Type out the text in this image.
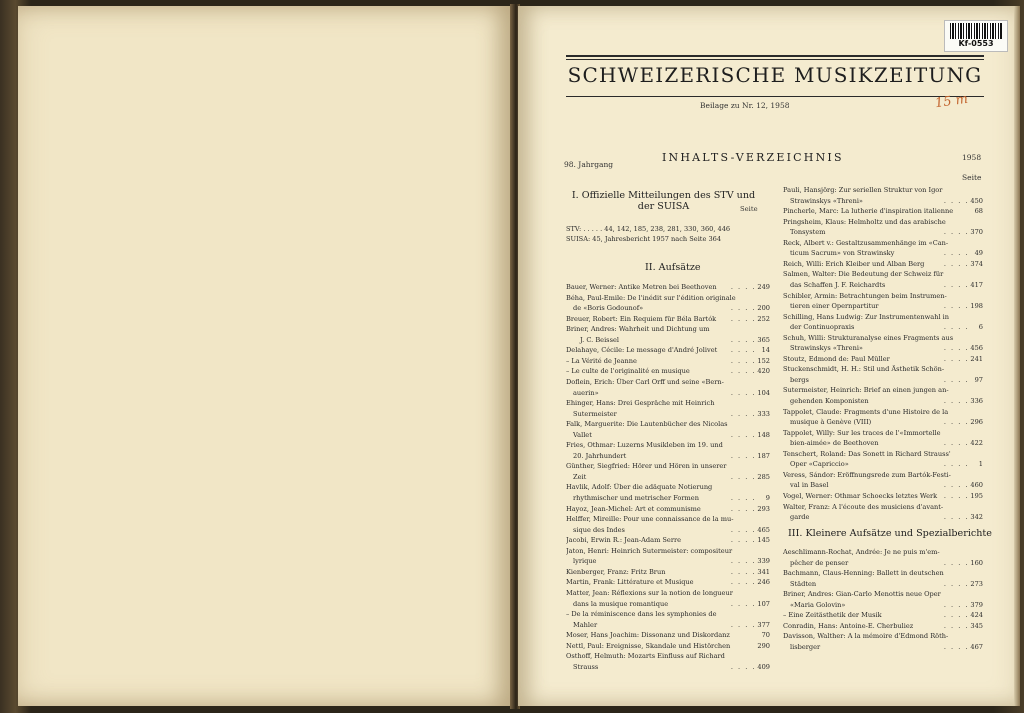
Kf-0553
SCHWEIZERISCHE MUSIKZEITUNG
Beilage zu Nr. 12, 1958	15 m
98. Jahrgang
INHALTS-VERZEICHNIS	1958
Seite
I. Offizielle Mitteilungen des STV und der SUISA	Seite
II. Aufsätze
III. Kleinere Aufsätze und Spezialberichte
STV: . . . . . 44, 142, 185, 238, 281, 330, 360, 446
SUISA: 45, Jahresbericht 1957 nach Seite 364
Bauer, Werner: Antike Metren bei Beethoven . . . . 249
Béha, Paul-Emile: De l'inédit sur l'édition originale
de «Boris Godounof»	. . . . 200
Breuer, Robert: Ein Requiem für Béla Bartók . . . . 252
Briner, Andres: Wahrheit und Dichtung um
J. C. Beissel	. . . . 365
Delahaye, Cécile: Le message d'André Jolivet . . . . 14
– La Vérité de Jeanne	. . . . 152
– Le culte de l'originalité en musique	. . . . 420
Doflein, Erich: Über Carl Orff und seine «Bern-
auerin»	. . . . 104
Ehinger, Hans: Drei Gespräche mit Heinrich
Sutermeister	. . . . 333
Falk, Marguerite: Die Lautenbücher des Nicolas
Vallet	. . . . 148
Fries, Othmar: Luzerns Musikleben im 19. und
20. Jahrhundert	. . . . 187
Günther, Siegfried: Hörer und Hören in unserer
Zeit	. . . . 285
Havlik, Adolf: Über die adäquate Notierung
rhythmischer und metrischer Formen	. . . . 9
Hayoz, Jean-Michel: Art et communisme	. . . . 293
Helffer, Mireille: Pour une connaissance de la mu-
sique des Indes	. . . . 465
Jacobi, Erwin R.: Jean-Adam Serre	. . . . 145
Jaton, Henri: Heinrich Sutermeister: compositeur
lyrique	. . . . 339
Kienberger, Franz: Fritz Brun	. . . . 341
Martin, Frank: Littérature et Musique	. . . . 246
Matter, Jean: Réflexions sur la notion de longueur
dans la musique romantique	. . . . 107
– De la réminiscence dans les symphonies de
Mahler	. . . . 377
Moser, Hans Joachim: Dissonanz und Diskordanz	70
Nettl, Paul: Ereignisse, Skandale und Histörchen	290
Osthoff, Helmuth: Mozarts Einfluss auf Richard
Strauss	. . . . 409
Pauli, Hansjörg: Zur seriellen Struktur von Igor
Strawinskys «Threni»	. . . . 450
Pincherle, Marc: La lutherie d'inspiration italienne	68
Pringsheim, Klaus: Helmholtz und das arabische
Tonsystem	. . . . 370
Reck, Albert v.: Gestaltzusammenhänge im «Can-
ticum Sacrum» von Strawinsky	. . . . 49
Reich, Willi: Erich Kleiber und Alban Berg	. . . . 374
Salmen, Walter: Die Bedeutung der Schweiz für
das Schaffen J. F. Reichardts	. . . . 417
Schibler, Armin: Betrachtungen beim Instrumen-
tieren einer Opernpartitur	. . . . 198
Schilling, Hans Ludwig: Zur Instrumentenwahl in
der Continuopraxis	. . . . 6
Schuh, Willi: Strukturanalyse eines Fragments aus
Strawinskys «Threni»	. . . . 456
Stoutz, Edmond de: Paul Müller	. . . . 241
Stuckenschmidt, H. H.: Stil und Ästhetik Schön-
bergs	. . . . 97
Sutermeister, Heinrich: Brief an einen jungen an-
gehenden Komponisten	. . . . 336
Tappolet, Claude: Fragments d'une Histoire de la
musique à Genève (VIII)	. . . . 296
Tappolet, Willy: Sur les traces de l'«Immortelle
bien-aimée» de Beethoven	. . . . 422
Tenschert, Roland: Das Sonett in Richard Strauss'
Oper «Capriccio»	. . . . 1
Veress, Sándor: Eröffnungsrede zum Bartók-Festi-
val in Basel	. . . . 460
Vogel, Werner: Othmar Schoecks letztes Werk . . . . 195
Walter, Franz: A l'écoute des musiciens d'avant-
garde	. . . . 342
Aeschlimann-Rochat, Andrée: Je ne puis m'em-
pêcher de penser	. . . . 160
Bachmann, Claus-Henning: Ballett in deutschen
Städten	. . . . 273
Briner, Andres: Gian-Carlo Menottis neue Oper
«Maria Golovin»	. . . . 379
– Eine Zeitästhetik der Musik	. . . . 424
Conradin, Hans: Antoine-E. Cherbuliez	. . . . 345
Davisson, Walther: A la mémoire d'Edmond Röth-
lisberger	. . . . 467
